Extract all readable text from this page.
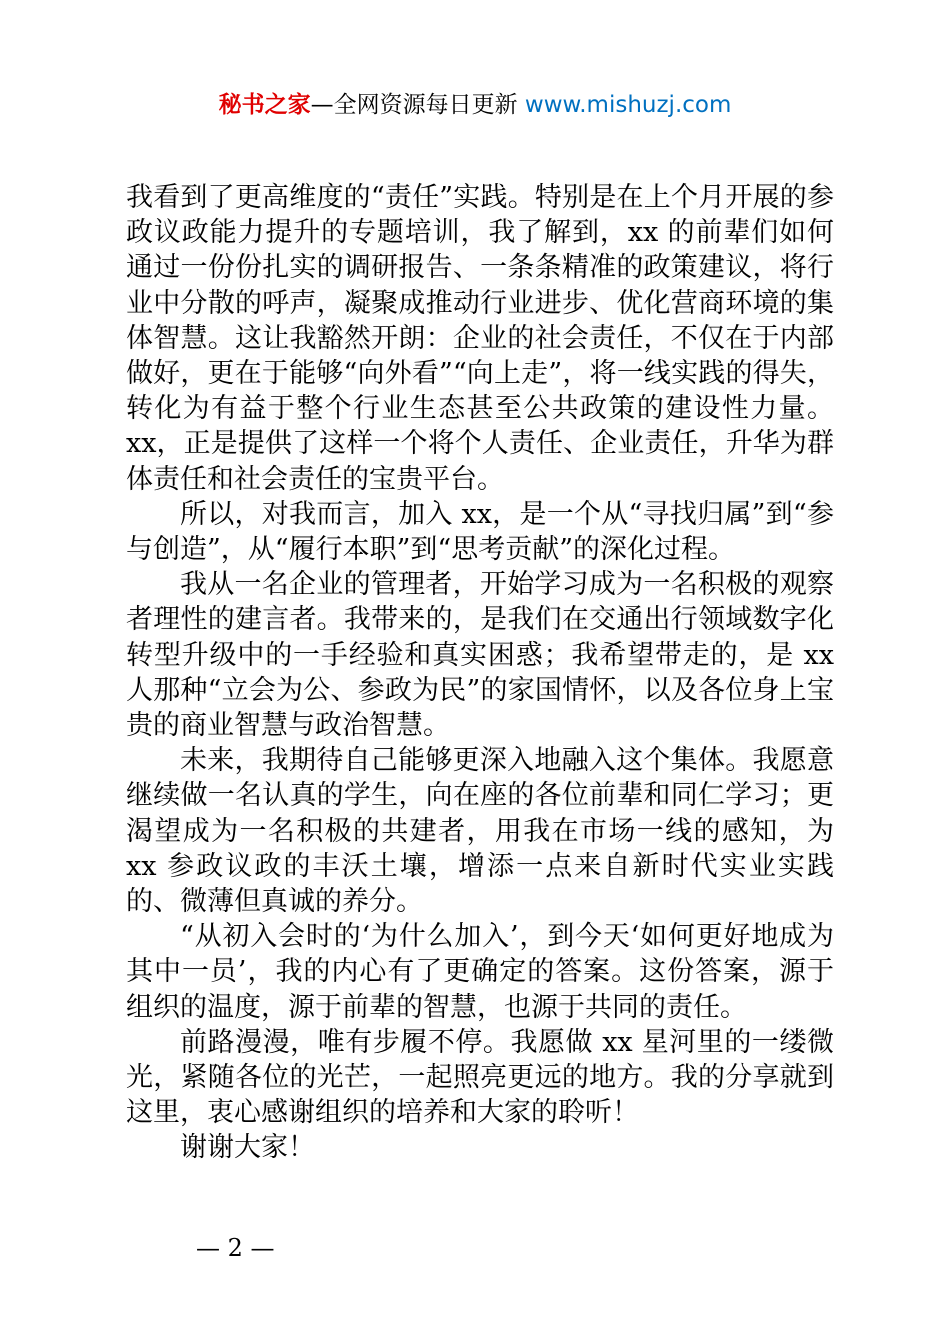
秘书之家—全网资源每日更新 www.mishuzj.com

我看到了更高维度的“责任”实践。特别是在上个月开展的参政议政能力提升的专题培训，我了解到，xx 的前辈们如何通过一份份扎实的调研报告、一条条精准的政策建议，将行业中分散的呼声，凝聚成推动行业进步、优化营商环境的集体智慧。这让我豁然开朗：企业的社会责任，不仅在于内部做好，更在于能够“向外看”“向上走”，将一线实践的得失，转化为有益于整个行业生态甚至公共政策的建设性力量。xx，正是提供了这样一个将个人责任、企业责任，升华为群体责任和社会责任的宝贵平台。

所以，对我而言，加入 xx，是一个从“寻找归属”到“参与创造”，从“履行本职”到“思考贡献”的深化过程。

我从一名企业的管理者，开始学习成为一名积极的观察者理性的建言者。我带来的，是我们在交通出行领域数字化转型升级中的一手经验和真实困惑；我希望带走的，是 xx 人那种“立会为公、参政为民”的家国情怀，以及各位身上宝贵的商业智慧与政治智慧。

未来，我期待自己能够更深入地融入这个集体。我愿意继续做一名认真的学生，向在座的各位前辈和同仁学习；更渴望成为一名积极的共建者，用我在市场一线的感知，为 xx 参政议政的丰沃土壤，增添一点来自新时代实业实践的、微薄但真诚的养分。

“从初入会时的‘为什么加入’，到今天‘如何更好地成为其中一员’，我的内心有了更确定的答案。这份答案，源于组织的温度，源于前辈的智慧，也源于共同的责任。

前路漫漫，唯有步履不停。我愿做 xx 星河里的一缕微光，紧随各位的光芒，一起照亮更远的地方。我的分享就到这里，衷心感谢组织的培养和大家的聆听！

谢谢大家！

— 2 —
